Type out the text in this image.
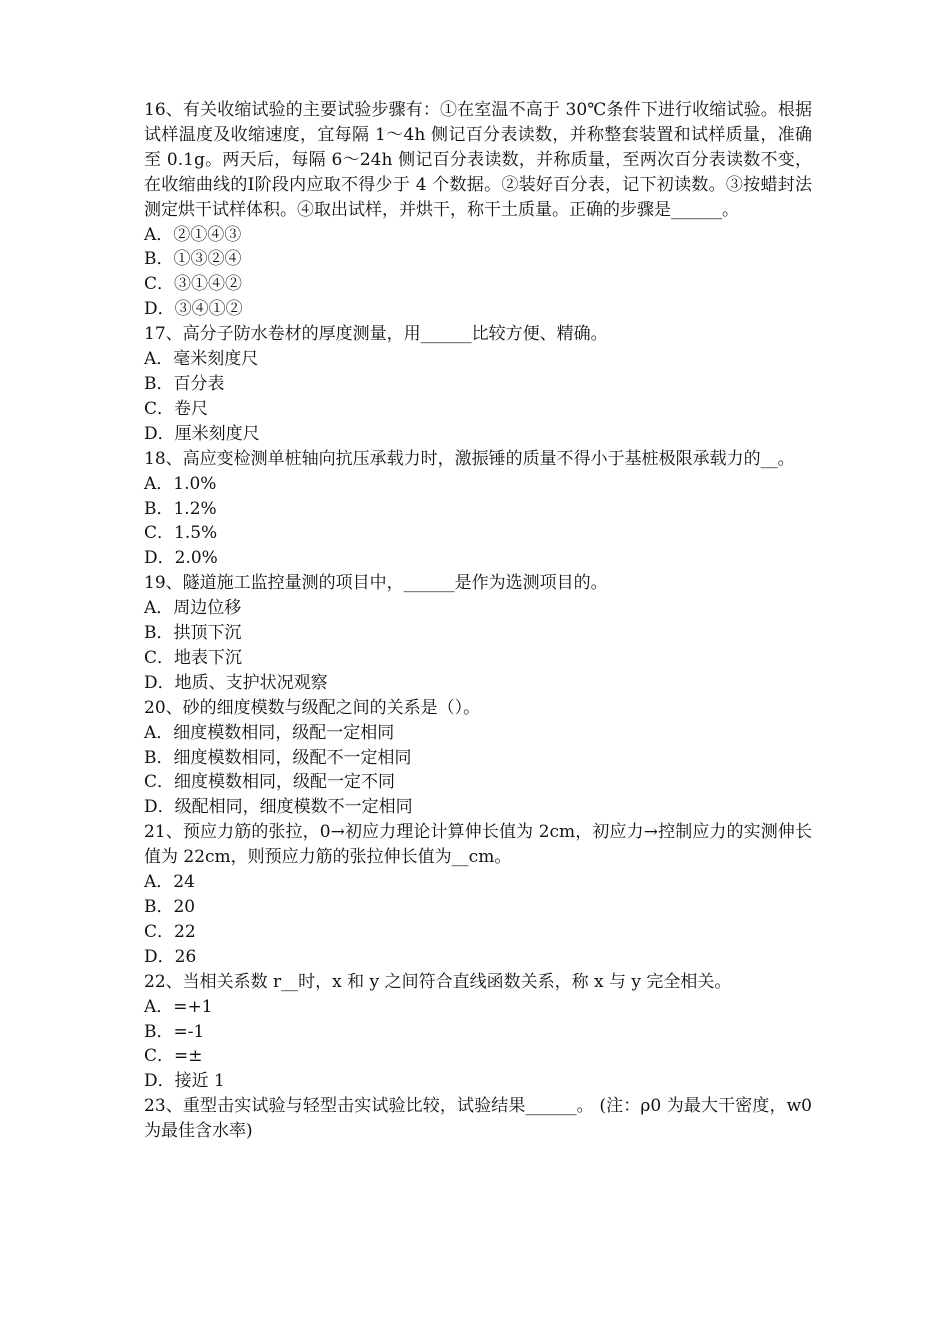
16、有关收缩试验的主要试验步骤有：①在室温不高于 30℃条件下进行收缩试验。根据试样温度及收缩速度，宜每隔 1～4h 侧记百分表读数，并称整套装置和试样质量，准确至 0.1g。两天后，每隔 6～24h 侧记百分表读数，并称质量，至两次百分表读数不变，在收缩曲线的Ⅰ阶段内应取不得少于 4 个数据。②装好百分表，记下初读数。③按蜡封法测定烘干试样体积。④取出试样，并烘干，称干土质量。正确的步骤是______。

A．②①④③
B．①③②④
C．③①④②
D．③④①②

17、高分子防水卷材的厚度测量，用______比较方便、精确。

A．毫米刻度尺
B．百分表
C．卷尺
D．厘米刻度尺

18、高应变检测单桩轴向抗压承载力时，激振锤的质量不得小于基桩极限承载力的__。

A．1.0%
B．1.2%
C．1.5%
D．2.0%

19、隧道施工监控量测的项目中，______是作为选测项目的。

A．周边位移
B．拱顶下沉
C．地表下沉
D．地质、支护状况观察

20、砂的细度模数与级配之间的关系是（）。

A．细度模数相同，级配一定相同
B．细度模数相同，级配不一定相同
C．细度模数相同，级配一定不同
D．级配相同，细度模数不一定相同

21、预应力筋的张拉，0→初应力理论计算伸长值为 2cm，初应力→控制应力的实测伸长值为 22cm，则预应力筋的张拉伸长值为__cm。

A．24
B．20
C．22
D．26

22、当相关系数 r__时，x 和 y 之间符合直线函数关系，称 x 与 y 完全相关。

A．=+1
B．=-1
C．=±
D．接近 1

23、重型击实试验与轻型击实试验比较，试验结果______。 (注：ρ0 为最大干密度，w0 为最佳含水率)
